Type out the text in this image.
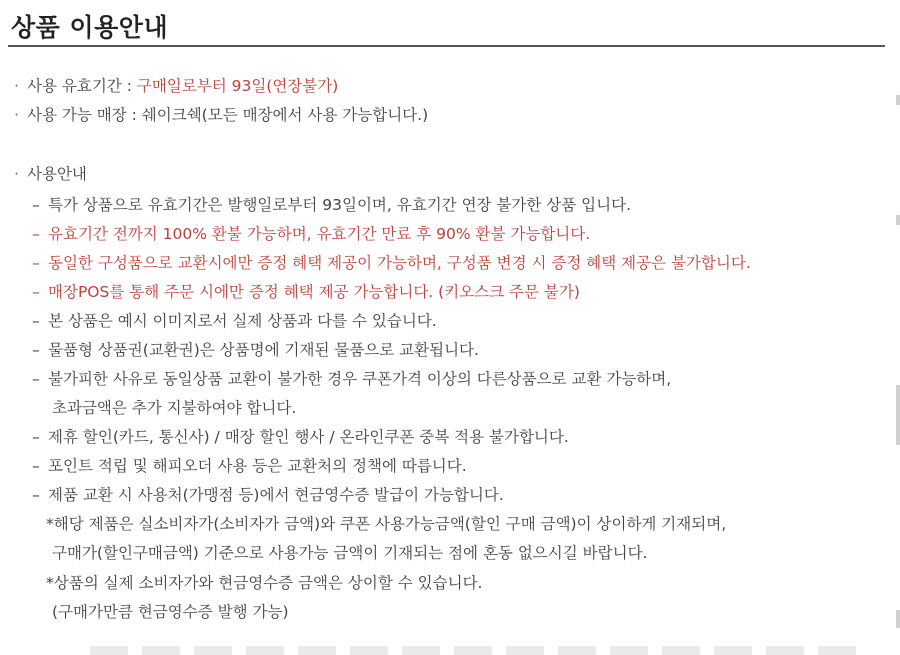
상품 이용안내
· 사용 유효기간 : 구매일로부터 93일(연장불가)
· 사용 가능 매장 : 쉐이크쉑(모든 매장에서 사용 가능합니다.)
· 사용안내
– 특가 상품으로 유효기간은 발행일로부터 93일이며, 유효기간 연장 불가한 상품 입니다.
– 유효기간 전까지 100% 환불 가능하며, 유효기간 만료 후 90% 환불 가능합니다.
– 동일한 구성품으로 교환시에만 증정 혜택 제공이 가능하며, 구성품 변경 시 증정 혜택 제공은 불가합니다.
– 매장POS를 통해 주문 시에만 증정 혜택 제공 가능합니다. (키오스크 주문 불가)
– 본 상품은 예시 이미지로서 실제 상품과 다를 수 있습니다.
– 물품형 상품권(교환권)은 상품명에 기재된 물품으로 교환됩니다.
– 불가피한 사유로 동일상품 교환이 불가한 경우 쿠폰가격 이상의 다른상품으로 교환 가능하며,
초과금액은 추가 지불하여야 합니다.
– 제휴 할인(카드, 통신사) / 매장 할인 행사 / 온라인쿠폰 중복 적용 불가합니다.
– 포인트 적립 및 해피오더 사용 등은 교환처의 정책에 따릅니다.
– 제품 교환 시 사용처(가맹점 등)에서 현금영수증 발급이 가능합니다.
*해당 제품은 실소비자가(소비자가 금액)와 쿠폰 사용가능금액(할인 구매 금액)이 상이하게 기재되며,
구매가(할인구매금액) 기준으로 사용가능 금액이 기재되는 점에 혼동 없으시길 바랍니다.
*상품의 실제 소비자가와 현금영수증 금액은 상이할 수 있습니다.
(구매가만큼 현금영수증 발행 가능)
